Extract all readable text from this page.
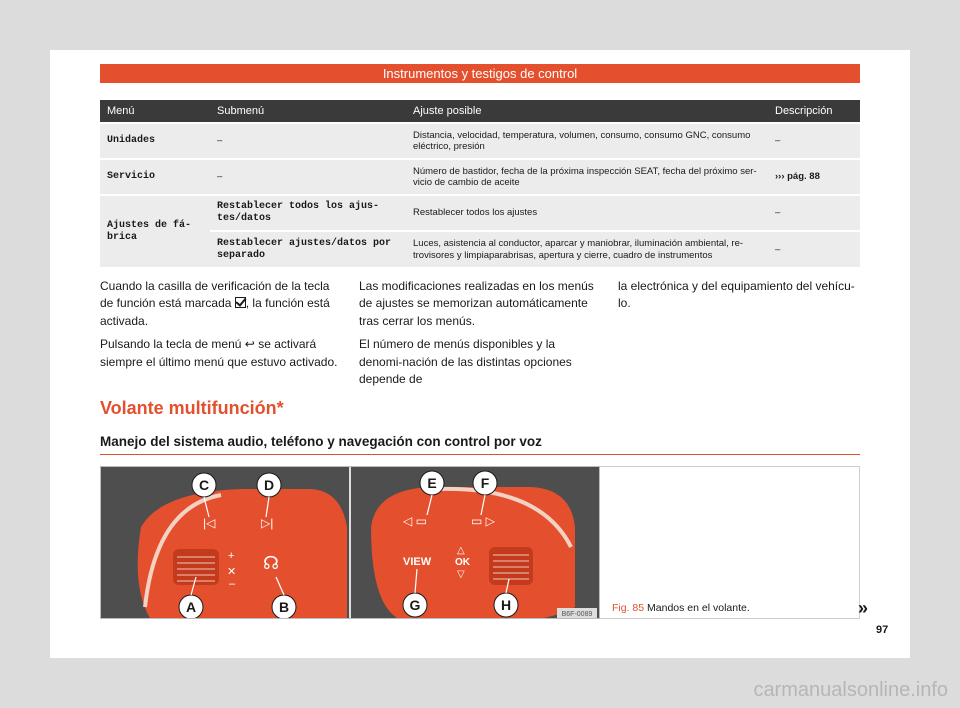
Instrumentos y testigos de control
Menú	Submenú	Ajuste posible	Descripción
Unidades	–	Distancia, velocidad, temperatura, volumen, consumo, consumo GNC, consumo eléctrico, presión	–
Servicio	–	Número de bastidor, fecha de la próxima inspección SEAT, fecha del próximo ser-vicio de cambio de aceite	››› pág. 88
Ajustes de fá-brica	Restablecer todos los ajus-tes/datos	Restablecer todos los ajustes	–
	Restablecer ajustes/datos por separado	Luces, asistencia al conductor, aparcar y maniobrar, iluminación ambiental, re-trovisores y limpiaparabrisas, apertura y cierre, cuadro de instrumentos	–

Cuando la casilla de verificación de la tecla de función está marcada , la función está activada.

Pulsando la tecla de menú ↩ se activará siempre el último menú que estuvo activado.

Las modificaciones realizadas en los menús de ajustes se memorizan automáticamente tras cerrar los menús.

El número de menús disponibles y la denomi-nación de las distintas opciones depende de

la electrónica y del equipamiento del vehícu-lo.

Volante multifunción*
Manejo del sistema audio, teléfono y navegación con control por voz
|◁	▷|
+
✕
–
☊
◁ ▭	▭ ▷
VIEW
△
OK
▽
C	D
A	B
E	F
G	H
B6F-0089
Fig. 85 Mandos en el volante.	»
97
carmanualsonline.info
